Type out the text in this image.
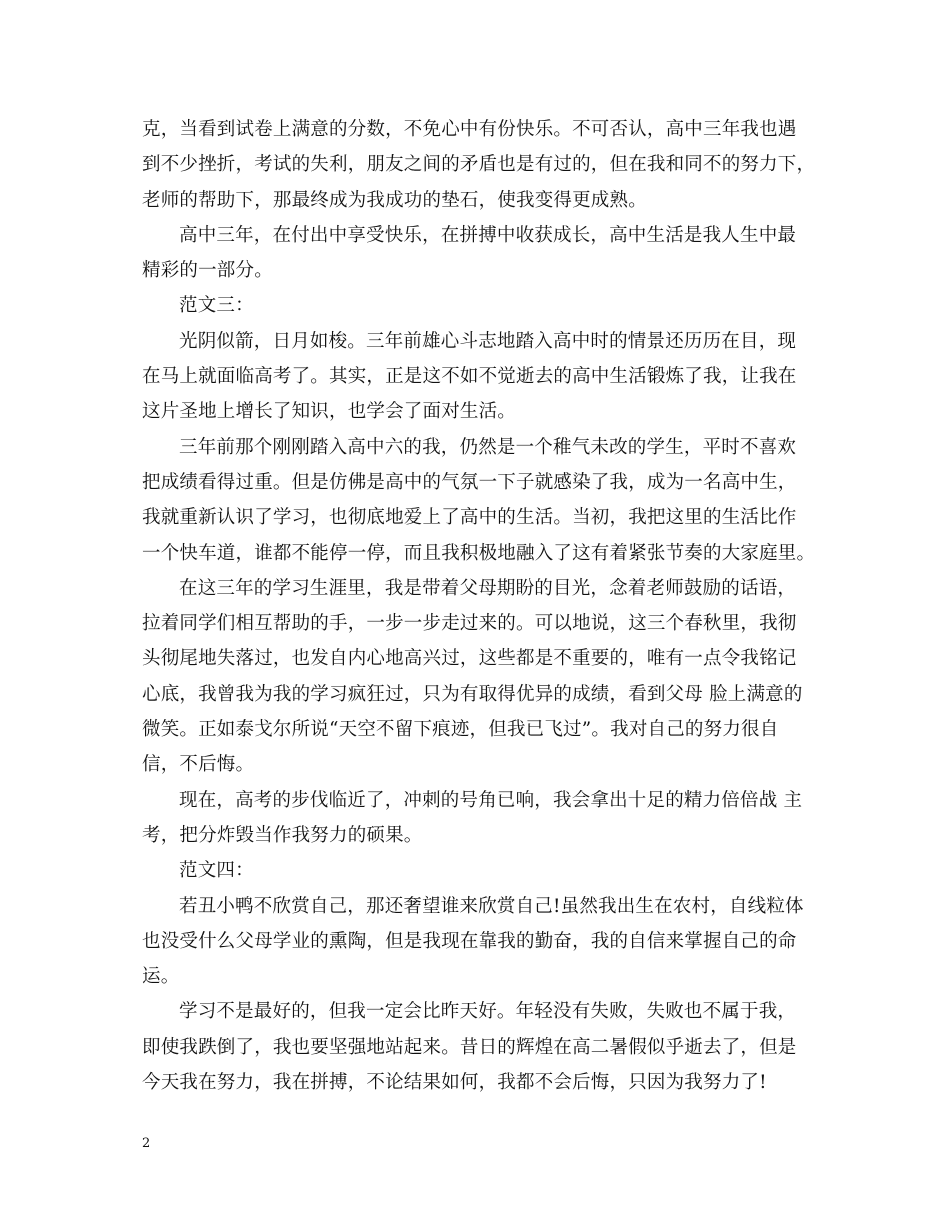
克，当看到试卷上满意的分数，不免心中有份快乐。不可否认，高中三年我也遇
到不少挫折，考试的失利，朋友之间的矛盾也是有过的，但在我和同不的努力下，
老师的帮助下，那最终成为我成功的垫石，使我变得更成熟。
高中三年，在付出中享受快乐，在拼搏中收获成长，高中生活是我人生中最
精彩的一部分。
范文三：
光阴似箭，日月如梭。三年前雄心斗志地踏入高中时的情景还历历在目，现
在马上就面临高考了。其实，正是这不如不觉逝去的高中生活锻炼了我，让我在
这片圣地上增长了知识，也学会了面对生活。
三年前那个刚刚踏入高中六的我，仍然是一个稚气未改的学生，平时不喜欢
把成绩看得过重。但是仿佛是高中的气氛一下子就感染了我，成为一名高中生，
我就重新认识了学习，也彻底地爱上了高中的生活。当初，我把这里的生活比作
一个快车道，谁都不能停一停，而且我积极地融入了这有着紧张节奏的大家庭里。
在这三年的学习生涯里，我是带着父母期盼的目光，念着老师鼓励的话语，
拉着同学们相互帮助的手，一步一步走过来的。可以地说，这三个春秋里，我彻
头彻尾地失落过，也发自内心地高兴过，这些都是不重要的，唯有一点令我铭记
心底，我曾我为我的学习疯狂过，只为有取得优异的成绩，看到父母 脸上满意的
微笑。正如泰戈尔所说“天空不留下痕迹，但我已飞过”。我对自己的努力很自
信，不后悔。
现在，高考的步伐临近了，冲刺的号角已响，我会拿出十足的精力倍倍战 主
考，把分炸毁当作我努力的硕果。
范文四：
若丑小鸭不欣赏自己，那还奢望谁来欣赏自己!虽然我出生在农村，自线粒体
也没受什么父母学业的熏陶，但是我现在靠我的勤奋，我的自信来掌握自己的命
运。
学习不是最好的，但我一定会比昨天好。年轻没有失败，失败也不属于我，
即使我跌倒了，我也要坚强地站起来。昔日的辉煌在高二暑假似乎逝去了，但是
今天我在努力，我在拼搏，不论结果如何，我都不会后悔，只因为我努力了!
2
